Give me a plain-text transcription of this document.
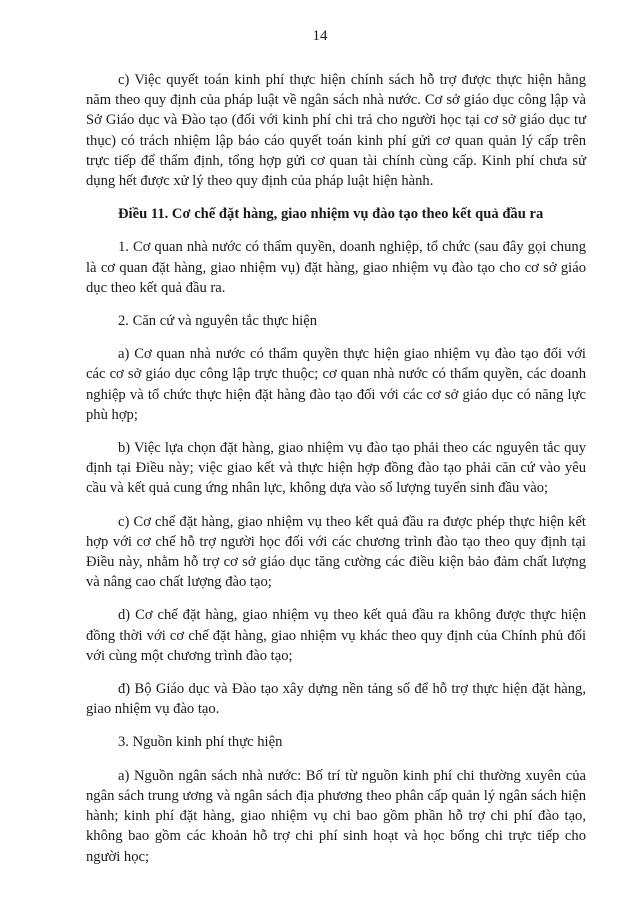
14

c) Việc quyết toán kinh phí thực hiện chính sách hỗ trợ được thực hiện hằng năm theo quy định của pháp luật về ngân sách nhà nước. Cơ sở giáo dục công lập và Sở Giáo dục và Đào tạo (đối với kinh phí chi trả cho người học tại cơ sở giáo dục tư thục) có trách nhiệm lập báo cáo quyết toán kinh phí gửi cơ quan quản lý cấp trên trực tiếp để thẩm định, tổng hợp gửi cơ quan tài chính cùng cấp. Kinh phí chưa sử dụng hết được xử lý theo quy định của pháp luật hiện hành.

Điều 11. Cơ chế đặt hàng, giao nhiệm vụ đào tạo theo kết quả đầu ra

1. Cơ quan nhà nước có thẩm quyền, doanh nghiệp, tổ chức (sau đây gọi chung là cơ quan đặt hàng, giao nhiệm vụ) đặt hàng, giao nhiệm vụ đào tạo cho cơ sở giáo dục theo kết quả đầu ra.

2. Căn cứ và nguyên tắc thực hiện

a) Cơ quan nhà nước có thẩm quyền thực hiện giao nhiệm vụ đào tạo đối với các cơ sở giáo dục công lập trực thuộc; cơ quan nhà nước có thẩm quyền, các doanh nghiệp và tổ chức thực hiện đặt hàng đào tạo đối với các cơ sở giáo dục có năng lực phù hợp;

b) Việc lựa chọn đặt hàng, giao nhiệm vụ đào tạo phải theo các nguyên tắc quy định tại Điều này; việc giao kết và thực hiện hợp đồng đào tạo phải căn cứ vào yêu cầu và kết quả cung ứng nhân lực, không dựa vào số lượng tuyển sinh đầu vào;

c) Cơ chế đặt hàng, giao nhiệm vụ theo kết quả đầu ra được phép thực hiện kết hợp với cơ chế hỗ trợ người học đối với các chương trình đào tạo theo quy định tại Điều này, nhằm hỗ trợ cơ sở giáo dục tăng cường các điều kiện bảo đảm chất lượng và nâng cao chất lượng đào tạo;

d) Cơ chế đặt hàng, giao nhiệm vụ theo kết quả đầu ra không được thực hiện đồng thời với cơ chế đặt hàng, giao nhiệm vụ khác theo quy định của Chính phủ đối với cùng một chương trình đào tạo;

đ) Bộ Giáo dục và Đào tạo xây dựng nền tảng số để hỗ trợ thực hiện đặt hàng, giao nhiệm vụ đào tạo.

3. Nguồn kinh phí thực hiện

a) Nguồn ngân sách nhà nước: Bố trí từ nguồn kinh phí chi thường xuyên của ngân sách trung ương và ngân sách địa phương theo phân cấp quản lý ngân sách hiện hành; kinh phí đặt hàng, giao nhiệm vụ chi bao gồm phần hỗ trợ chi phí đào tạo, không bao gồm các khoản hỗ trợ chi phí sinh hoạt và học bổng chi trực tiếp cho người học;
